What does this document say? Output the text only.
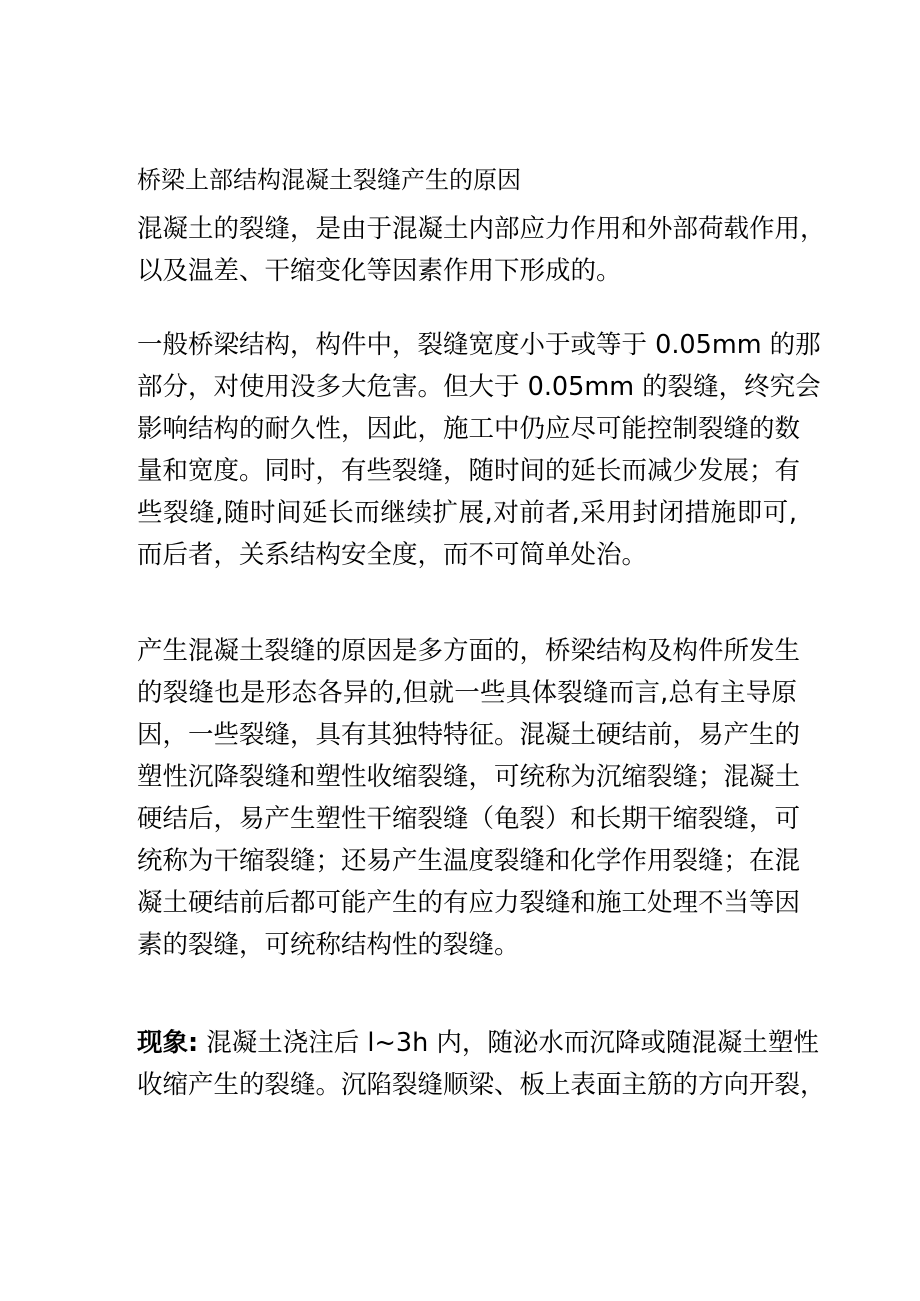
桥梁上部结构混凝土裂缝产生的原因

混凝土的裂缝，是由于混凝土内部应力作用和外部荷载作用，
以及温差、干缩变化等因素作用下形成的。

一般桥梁结构，构件中，裂缝宽度小于或等于 0.05mm 的那
部分，对使用没多大危害。但大于 0.05mm 的裂缝，终究会
影响结构的耐久性，因此，施工中仍应尽可能控制裂缝的数
量和宽度。同时，有些裂缝，随时间的延长而减少发展；有
些裂缝,随时间延长而继续扩展,对前者,采用封闭措施即可,
而后者，关系结构安全度，而不可简单处治。

产生混凝土裂缝的原因是多方面的，桥梁结构及构件所发生
的裂缝也是形态各异的,但就一些具体裂缝而言,总有主导原
因，一些裂缝，具有其独特特征。混凝土硬结前，易产生的
塑性沉降裂缝和塑性收缩裂缝，可统称为沉缩裂缝；混凝土
硬结后，易产生塑性干缩裂缝（龟裂）和长期干缩裂缝，可
统称为干缩裂缝；还易产生温度裂缝和化学作用裂缝；在混
凝土硬结前后都可能产生的有应力裂缝和施工处理不当等因
素的裂缝，可统称结构性的裂缝。

现象: 混凝土浇注后 l~3h 内，随泌水而沉降或随混凝土塑性
收缩产生的裂缝。沉陷裂缝顺梁、板上表面主筋的方向开裂，
